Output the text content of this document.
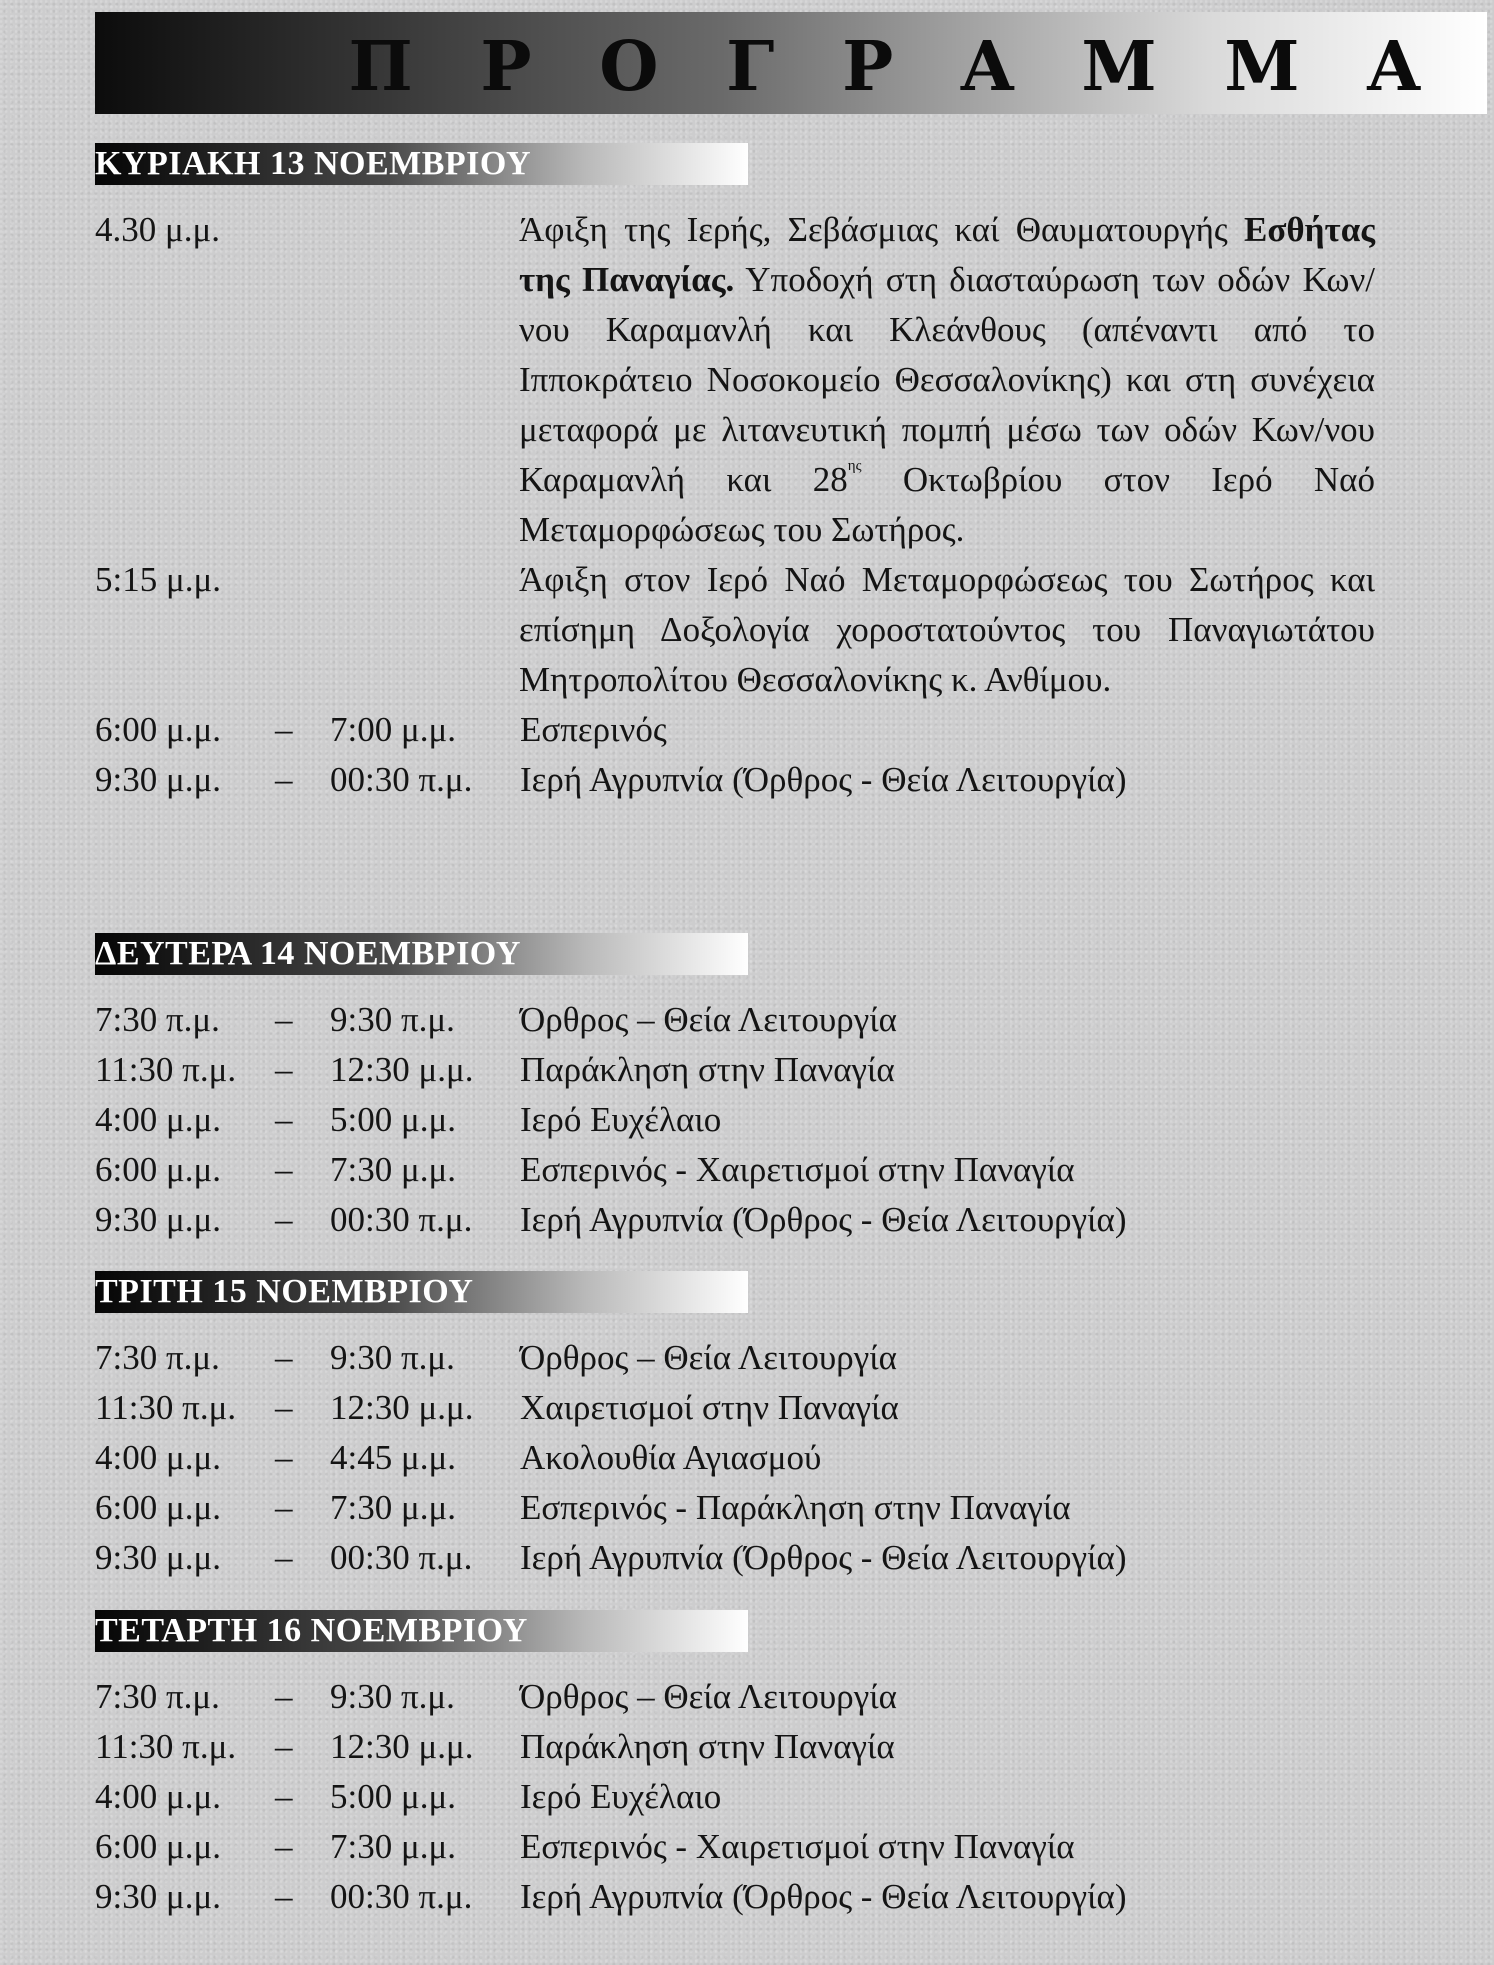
Π Ρ Ο Γ Ρ Α Μ Μ Α
ΚΥΡΙΑΚΗ 13 ΝΟΕΜΒΡΙΟΥ
4.30 μ.μ.	Άφιξη της Ιερής, Σεβάσμιας καί Θαυματουργής Εσθήτας της Παναγίας. Υποδοχή στη διασταύρωση των οδών Κων/νου Καραμανλή και Κλεάνθους (απέναντι από το Ιπποκράτειο Νοσοκομείο Θεσσαλονίκης) και στη συνέχεια μεταφορά με λιτανευτική πομπή μέσω των οδών Κων/νου Καραμανλή και $28^{\eta\varsigma}$ Οκτωβρίου στον Ιερό Ναό Μεταμορφώσεως του Σωτήρος.
5:15 μ.μ.	Άφιξη στον Ιερό Ναό Μεταμορφώσεως του Σωτήρος και επίσημη Δοξολογία χοροστατούντος του Παναγιωτάτου Μητροπολίτου Θεσσαλονίκης κ. Ανθίμου.
6:00 μ.μ.	–	7:00 μ.μ.	Εσπερινός
9:30 μ.μ.	–	00:30 π.μ.	Ιερή Αγρυπνία (Όρθρος - Θεία Λειτουργία)
ΔΕΥΤΕΡΑ 14 ΝΟΕΜΒΡΙΟΥ
7:30 π.μ.	–	9:30 π.μ.	Όρθρος – Θεία Λειτουργία
11:30 π.μ.	–	12:30 μ.μ.	Παράκληση στην Παναγία
4:00 μ.μ.	–	5:00 μ.μ.	Ιερό Ευχέλαιο
6:00 μ.μ.	–	7:30 μ.μ.	Εσπερινός - Χαιρετισμοί στην Παναγία
9:30 μ.μ.	–	00:30 π.μ.	Ιερή Αγρυπνία (Όρθρος - Θεία Λειτουργία)
ΤΡΙΤΗ 15 ΝΟΕΜΒΡΙΟΥ
7:30 π.μ.	–	9:30 π.μ.	Όρθρος – Θεία Λειτουργία
11:30 π.μ.	–	12:30 μ.μ.	Χαιρετισμοί στην Παναγία
4:00 μ.μ.	–	4:45 μ.μ.	Ακολουθία Αγιασμού
6:00 μ.μ.	–	7:30 μ.μ.	Εσπερινός - Παράκληση στην Παναγία
9:30 μ.μ.	–	00:30 π.μ.	Ιερή Αγρυπνία (Όρθρος - Θεία Λειτουργία)
ΤΕΤΑΡΤΗ 16 ΝΟΕΜΒΡΙΟΥ
7:30 π.μ.	–	9:30 π.μ.	Όρθρος – Θεία Λειτουργία
11:30 π.μ.	–	12:30 μ.μ.	Παράκληση στην Παναγία
4:00 μ.μ.	–	5:00 μ.μ.	Ιερό Ευχέλαιο
6:00 μ.μ.	–	7:30 μ.μ.	Εσπερινός - Χαιρετισμοί στην Παναγία
9:30 μ.μ.	–	00:30 π.μ.	Ιερή Αγρυπνία (Όρθρος - Θεία Λειτουργία)
